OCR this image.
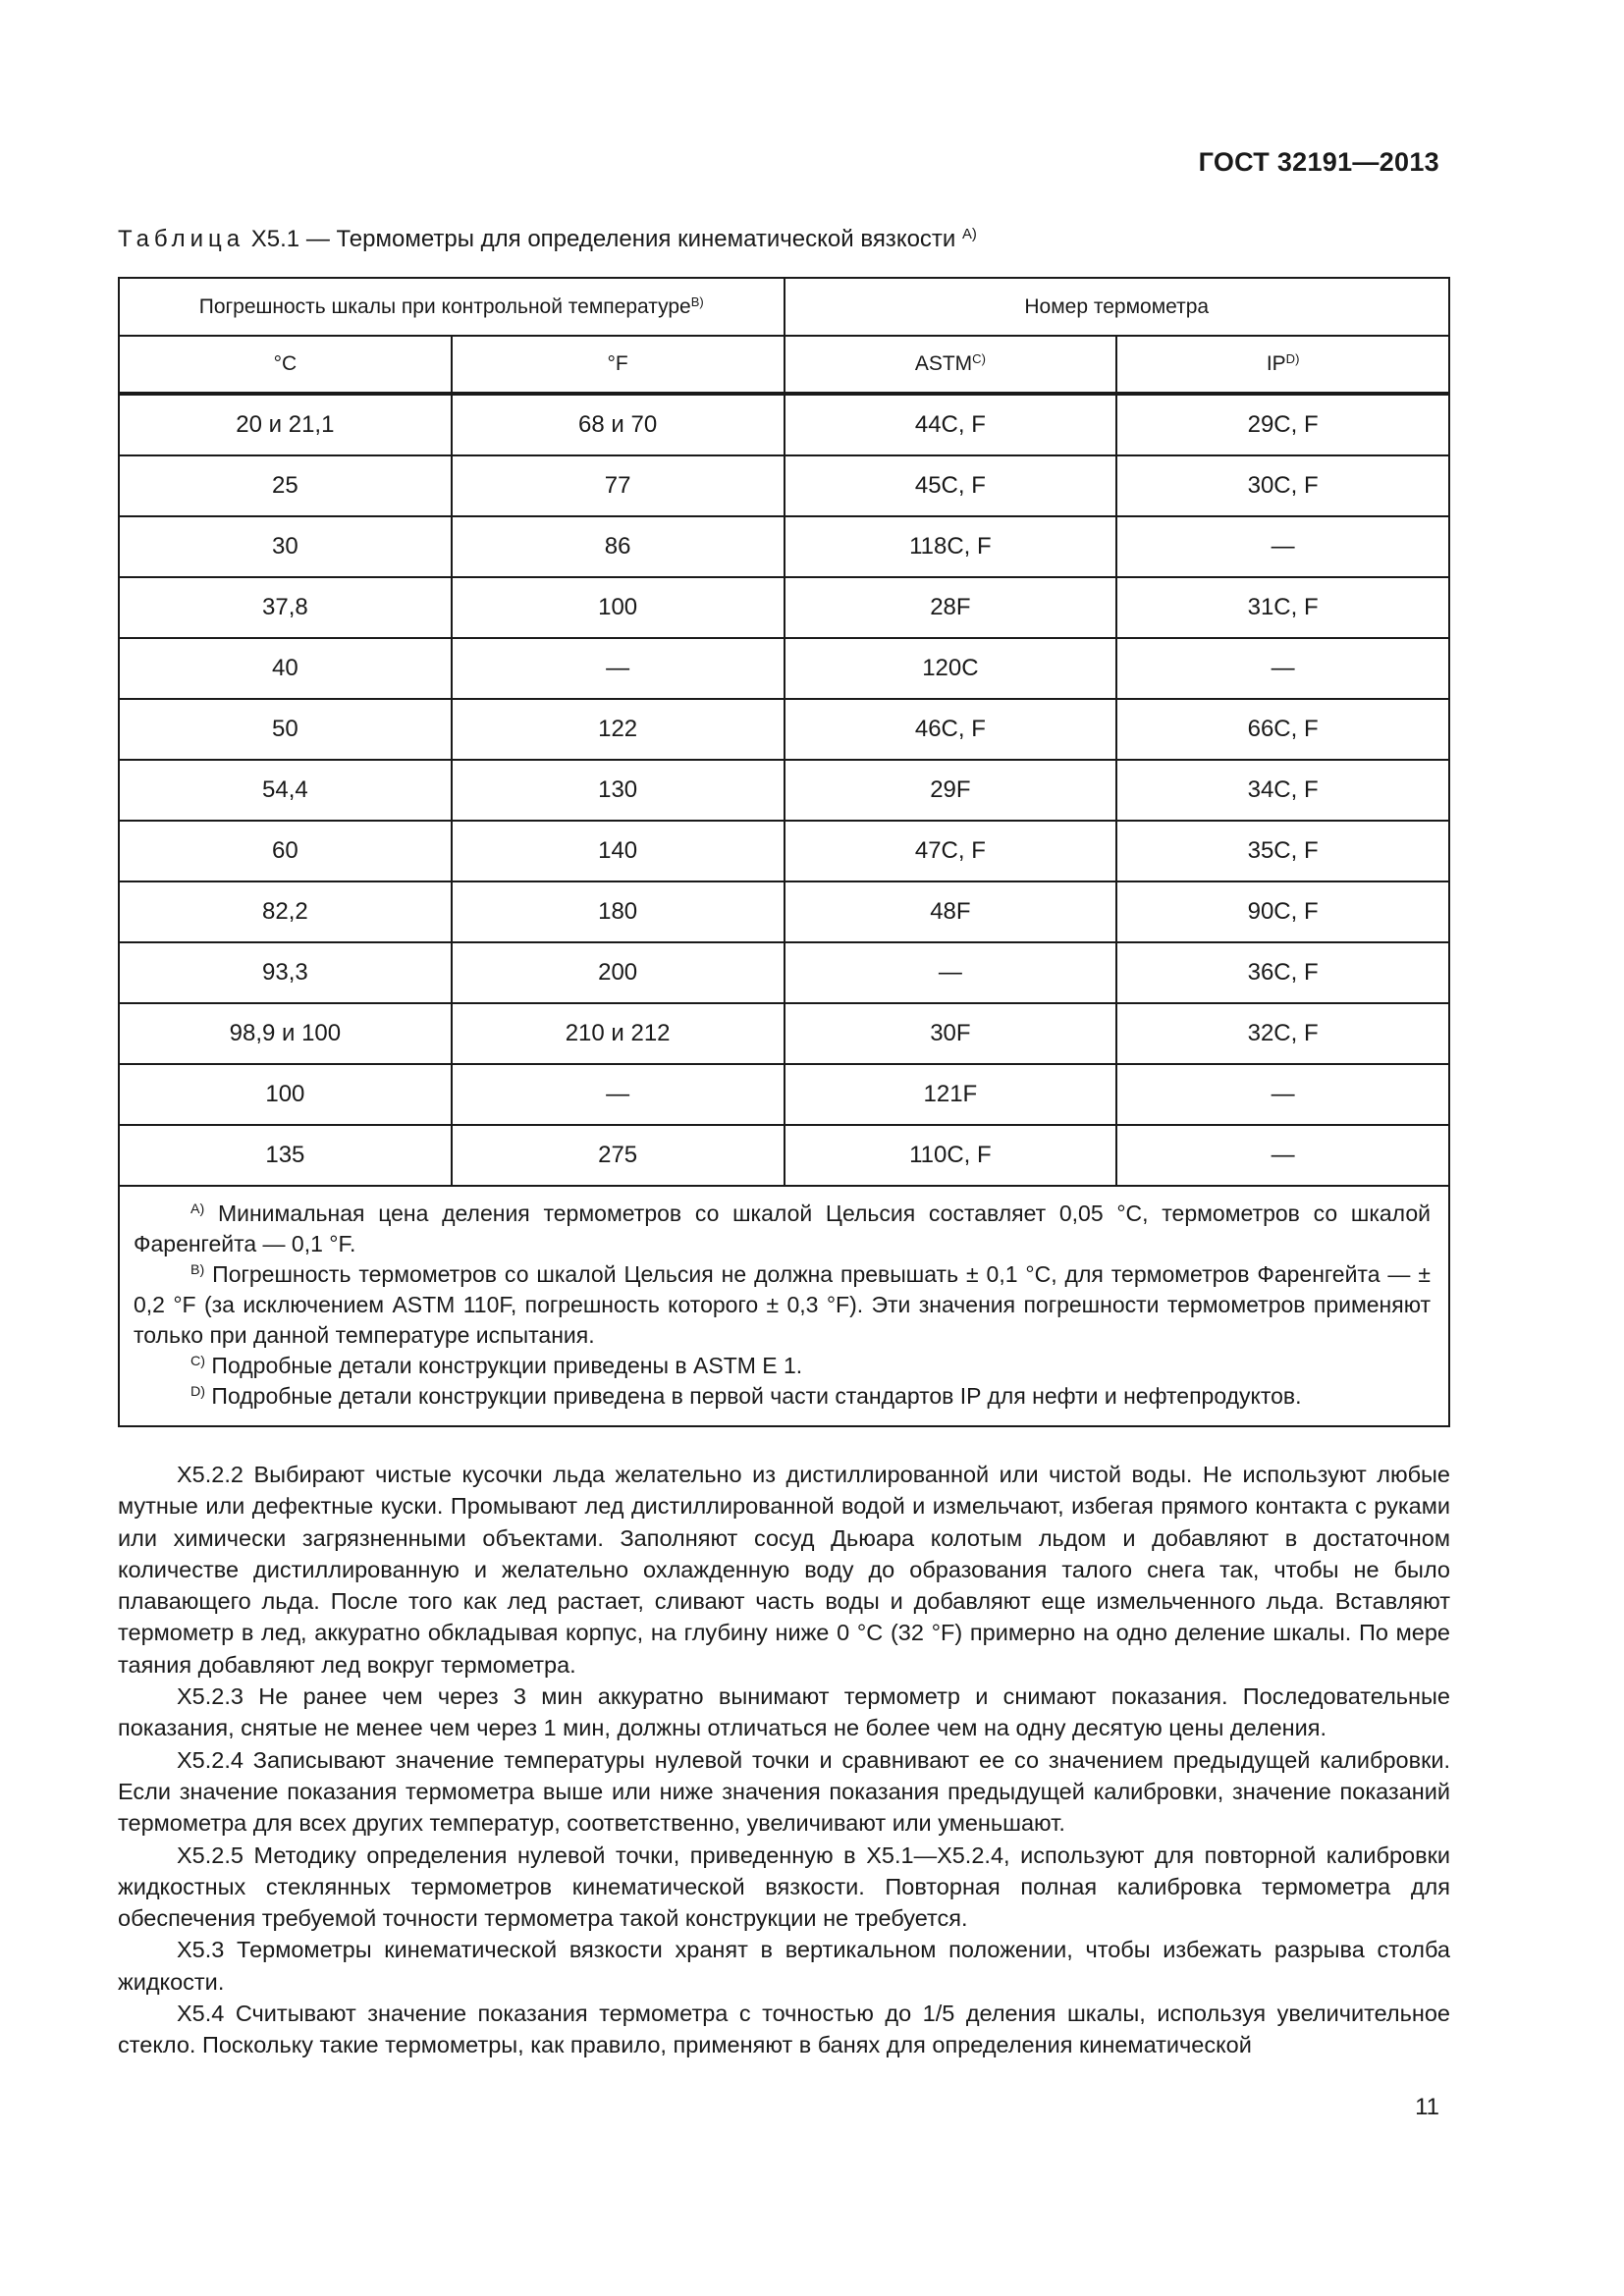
ГОСТ 32191—2013
Таблица Х5.1 — Термометры для определения кинематической вязкости $^{A)}$
Погрешность шкалы при контрольной температуре$^{B)}$		Номер термометра	
°C	°F	$ASTM^{C)}$	$IP^{D)}$
20 и 21,1	68 и 70	44C, F	29C, F
25	77	45C, F	30C, F
30	86	118C, F	—
37,8	100	28F	31C, F
40	—	120C	—
50	122	46C, F	66C, F
54,4	130	29F	34C, F
60	140	47C, F	35C, F
82,2	180	48F	90C, F
93,3	200	—	36C, F
98,9 и 100	210 и 212	30F	32C, F
100	—	121F	—
135	275	110C, F	—

$^{A)}$ Минимальная цена деления термометров со шкалой Цельсия составляет 0,05 °С, термометров со шкалой Фаренгейта — 0,1 °F.
$^{B)}$ Погрешность термометров со шкалой Цельсия не должна превышать ± 0,1 °С, для термометров Фаренгейта — ± 0,2 °F (за исключением ASTM 110F, погрешность которого ± 0,3 °F). Эти значения погрешности термометров применяют только при данной температуре испытания.
$^{C)}$ Подробные детали конструкции приведены в ASTM E 1.
$^{D)}$ Подробные детали конструкции приведена в первой части стандартов IP для нефти и нефтепродуктов.			

Х5.2.2 Выбирают чистые кусочки льда желательно из дистиллированной или чистой воды. Не используют любые мутные или дефектные куски. Промывают лед дистиллированной водой и измельчают, избегая прямого контакта с руками или химически загрязненными объектами. Заполняют сосуд Дьюара колотым льдом и добавляют в достаточном количестве дистиллированную и желательно охлажденную воду до образования талого снега так, чтобы не было плавающего льда. После того как лед растает, сливают часть воды и добавляют еще измельченного льда. Вставляют термометр в лед, аккуратно обкладывая корпус, на глубину ниже 0 °С (32 °F) примерно на одно деление шкалы. По мере таяния добавляют лед вокруг термометра.

Х5.2.3 Не ранее чем через 3 мин аккуратно вынимают термометр и снимают показания. Последовательные показания, снятые не менее чем через 1 мин, должны отличаться не более чем на одну десятую цены деления.

Х5.2.4 Записывают значение температуры нулевой точки и сравнивают ее со значением предыдущей калибровки. Если значение показания термометра выше или ниже значения показания предыдущей калибровки, значение показаний термометра для всех других температур, соответственно, увеличивают или уменьшают.

Х5.2.5 Методику определения нулевой точки, приведенную в Х5.1—Х5.2.4, используют для повторной калибровки жидкостных стеклянных термометров кинематической вязкости. Повторная полная калибровка термометра для обеспечения требуемой точности термометра такой конструкции не требуется.

Х5.3 Термометры кинематической вязкости хранят в вертикальном положении, чтобы избежать разрыва столба жидкости.

Х5.4 Считывают значение показания термометра с точностью до 1/5 деления шкалы, используя увеличительное стекло. Поскольку такие термометры, как правило, применяют в банях для определения кинематической

11
